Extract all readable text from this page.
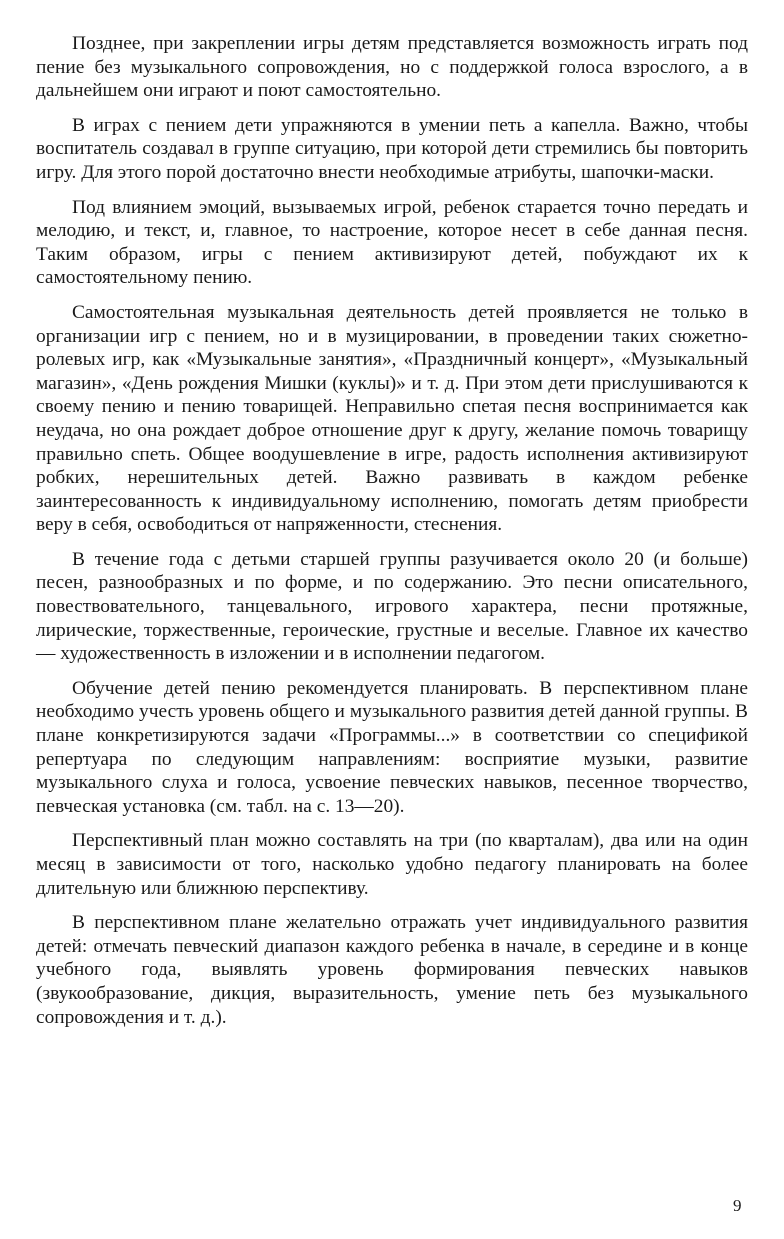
Позднее, при закреплении игры детям представляется возможность играть под пение без музыкального сопровождения, но с поддержкой голоса взрослого, а в дальнейшем они играют и поют самостоятельно.

В играх с пением дети упражняются в умении петь a капелла. Важно, чтобы воспитатель создавал в группе ситуацию, при которой дети стремились бы повторить игру. Для этого порой достаточно внести необходимые атрибуты, шапочки-маски.

Под влиянием эмоций, вызываемых игрой, ребенок старается точно передать и мелодию, и текст, и, главное, то настроение, которое несет в себе данная песня. Таким образом, игры с пением активизируют детей, побуждают их к самостоятельному пению.

Самостоятельная музыкальная деятельность детей проявляется не только в организации игр с пением, но и в музицировании, в проведении таких сюжетно-ролевых игр, как «Музыкальные занятия», «Праздничный концерт», «Музыкальный магазин», «День рождения Мишки (куклы)» и т. д. При этом дети прислушиваются к своему пению и пению товарищей. Неправильно спетая песня воспринимается как неудача, но она рождает доброе отношение друг к другу, желание помочь товарищу правильно спеть. Общее воодушевление в игре, радость исполнения активизируют робких, нерешительных детей. Важно развивать в каждом ребенке заинтересованность к индивидуальному исполнению, помогать детям приобрести веру в себя, освободиться от напряженности, стеснения.

В течение года с детьми старшей группы разучивается около 20 (и больше) песен, разнообразных и по форме, и по содержанию. Это песни описательного, повествовательного, танцевального, игрового характера, песни протяжные, лирические, торжественные, героические, грустные и веселые. Главное их качество — художественность в изложении и в исполнении педагогом.

Обучение детей пению рекомендуется планировать. В перспективном плане необходимо учесть уровень общего и музыкального развития детей данной группы. В плане конкретизируются задачи «Программы...» в соответствии со спецификой репертуара по следующим направлениям: восприятие музыки, развитие музыкального слуха и голоса, усвоение певческих навыков, песенное творчество, певческая установка (см. табл. на с. 13—20).

Перспективный план можно составлять на три (по кварталам), два или на один месяц в зависимости от того, насколько удобно педагогу планировать на более длительную или ближнюю перспективу.

В перспективном плане желательно отражать учет индивидуального развития детей: отмечать певческий диапазон каждого ребенка в начале, в середине и в конце учебного года, выявлять уровень формирования певческих навыков (звукообразование, дикция, выразительность, умение петь без музыкального сопровождения и т. д.).

9
